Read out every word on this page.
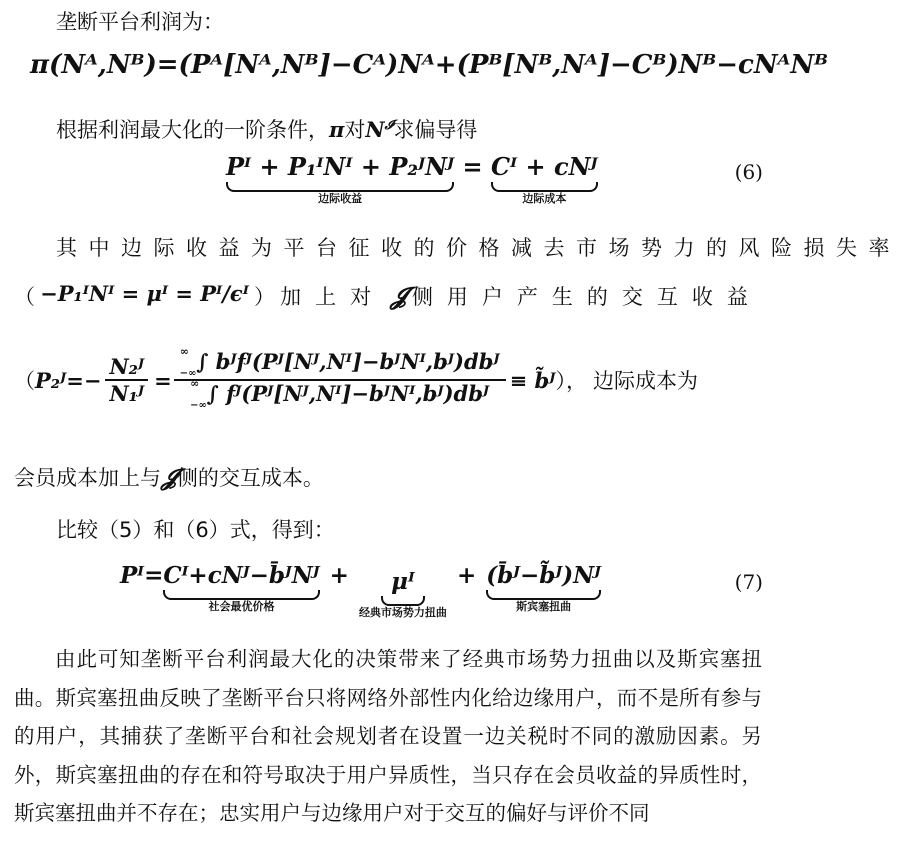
垄断平台利润为：
π(Nᴬ,Nᴮ)=(Pᴬ[Nᴬ,Nᴮ]−Cᴬ)Nᴬ+(Pᴮ[Nᴮ,Nᴬ]−Cᴮ)Nᴮ−cNᴬNᴮ
根据利润最大化的一阶条件，π对$N^𝓘$求偏导得
Pᴵ + P₁ᴵNᴵ + P₂ᴶNᴶ
边际收益
= Cᴵ + cNᴶ
边际成本
(6)
其中边际收益为平台征收的价格减去市场势力的风险损失率
（ −P₁ᴵNᴵ = μᴵ = Pᴵ/ϵᴵ ） 加上对 𝓙 侧用户产生的交互收益
（ P₂ᴶ=− $\frac{\text{N₂ᴶ}}{\text{N₁ᴶ}} = ^\infty$ ∫ bᴶfᴶ(Pᴶ[Nᴶ,Nᴵ]−bᴶNᴵ,bᴶ)dbᴶ
−∞
∞ ∫ fᴶ(Pᴶ[Nᴶ,Nᴵ]−bᴶNᴵ,bᴶ)dbᴶ
−∞ ≡ b̃ᴶ ）， 边际成本为
会员成本加上与𝓙侧的交互成本。
比较（5）和（6）式，得到：
Pᴵ= Cᴵ+cNᴶ−b̄ᴶNᴶ
社会最优价格
+	μᴵ
经典市场势力扭曲
+ (b̄ᴶ−b̃ᴶ)Nᴶ
斯宾塞扭曲
(7)
由此可知垄断平台利润最大化的决策带来了经典市场势力扭曲以及斯宾塞扭曲。斯宾塞扭曲反映了垄断平台只将网络外部性内化给边缘用户，而不是所有参与的用户，其捕获了垄断平台和社会规划者在设置一边关税时不同的激励因素。另外，斯宾塞扭曲的存在和符号取决于用户异质性，当只存在会员收益的异质性时，斯宾塞扭曲并不存在；忠实用户与边缘用户对于交互的偏好与评价不同
